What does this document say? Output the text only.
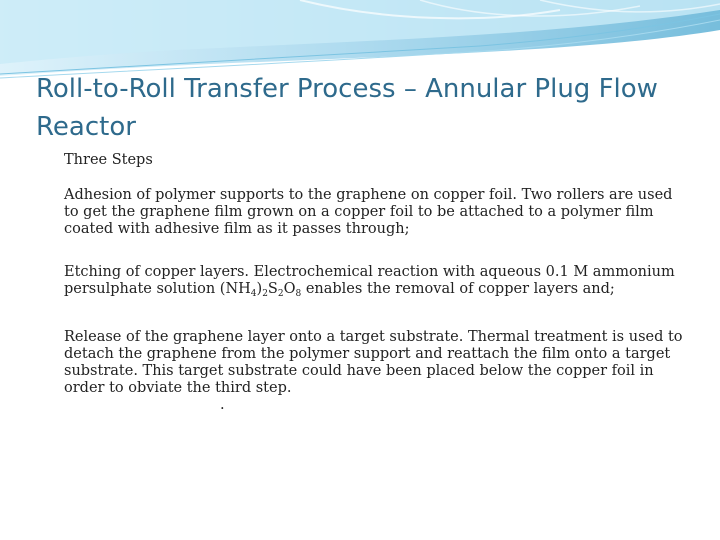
Roll-to-Roll Transfer Process – Annular Plug Flow Reactor
Three Steps
Adhesion of polymer supports to the graphene on copper foil. Two rollers are used to get the graphene film grown on a copper foil to be attached to a polymer film coated with adhesive film as it passes through;
Etching of copper layers. Electrochemical reaction with aqueous 0.1 M ammonium persulphate solution $(NH_4)_2S_2O_8$ enables the removal of copper layers and;
Release of the graphene layer onto a target substrate. Thermal treatment is used to detach the graphene from the polymer support and reattach the film onto a target substrate. This target substrate could have been placed below the copper foil in order to obviate the third step.
.
